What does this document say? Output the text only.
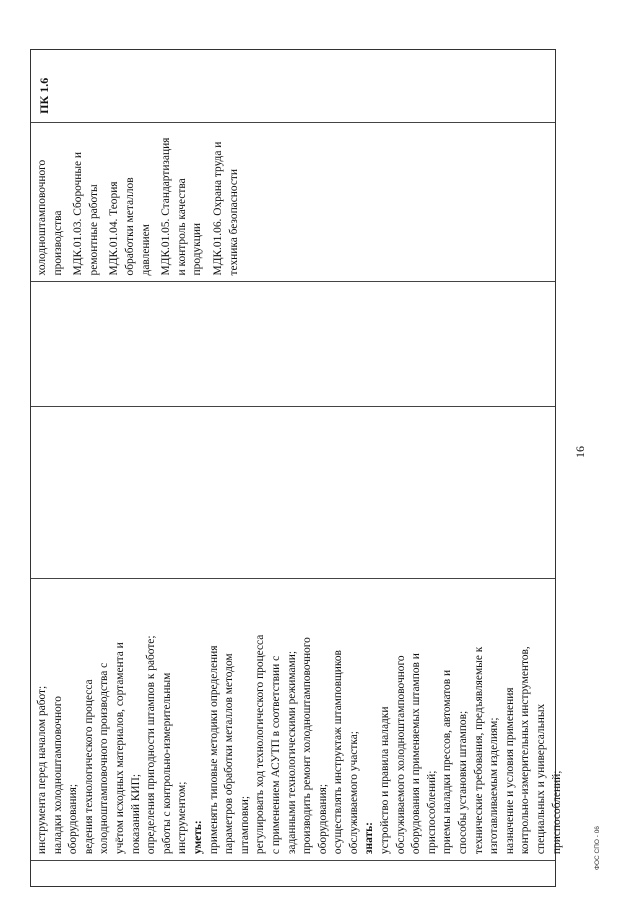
инструмента перед началом работ; наладки холодноштамповочного оборудования; ведения технологического процесса холодноштамповочного производства с учётом исходных материалов, сортамента и показаний КИП; определения пригодности штампов к работе; работы с контрольно-измерительным инструментом; уметь: применять типовые методики определения параметров обработки металлов методом штамповки; регулировать ход технологического процесса с применением АСУТП в соответствии с заданными технологическими режимами; производить ремонт холодноштамповочного оборудования; осуществлять инструктаж штамповщиков обслуживаемого участка; знать: устройство и правила наладки обслуживаемого холодноштамповочного оборудования и применяемых штампов и приспособлений; приемы наладки прессов, автоматов и способы установки штампов; технические требования, предъявляемые к изготавливаемым изделиям; назначение и условия применения контрольно-измерительных инструментов, специальных и универсальных приспособлений;

холодноштамповочного производства МДК.01.03. Сборочные и ремонтные работы МДК.01.04. Теория обработки металлов давлением МДК.01.05. Стандартизация и контроль качества продукции МДК.01.06. Охрана труда и техника безопасности

ПК 1.6
16
ФОС СПО - 06
